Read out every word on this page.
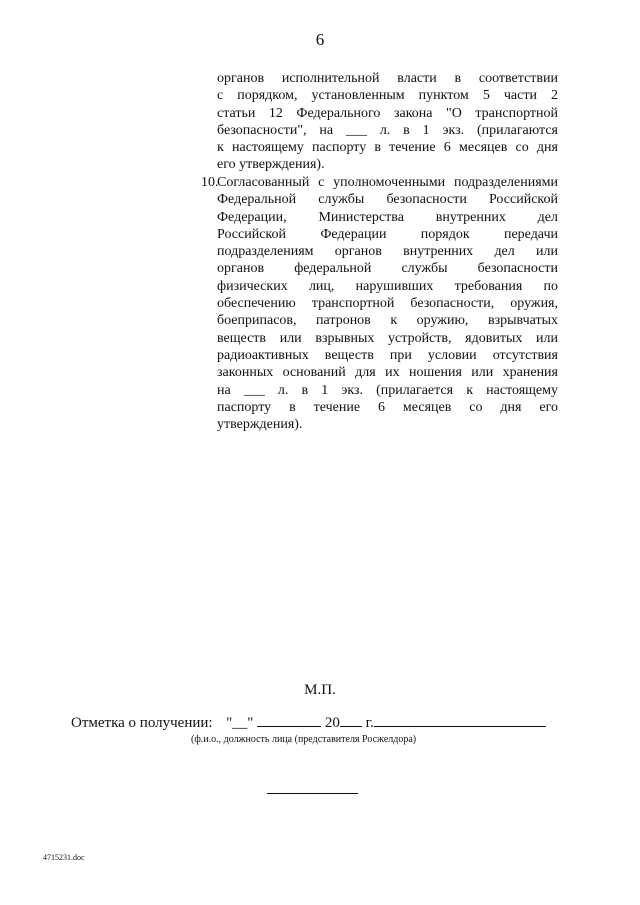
6
органов исполнительной власти в соответствии
с порядком, установленным пунктом 5 части 2
статьи 12 Федерального закона "О транспортной
безопасности", на ___ л. в 1 экз. (прилагаются
к настоящему паспорту в течение 6 месяцев со дня
его утверждения).
10.
Согласованный с уполномоченными подразделениями
Федеральной службы безопасности Российской
Федерации, Министерства внутренних дел
Российской Федерации порядок передачи
подразделениям органов внутренних дел или
органов федеральной службы безопасности
физических лиц, нарушивших требования по
обеспечению транспортной безопасности, оружия,
боеприпасов, патронов к оружию, взрывчатых
веществ или взрывных устройств, ядовитых или
радиоактивных веществ при условии отсутствия
законных оснований для их ношения или хранения
на ___ л. в 1 экз. (прилагается к настоящему
паспорту в течение 6 месяцев со дня его
утверждения).
М.П.
Отметка о получении: "__"	20 г.
(ф.и.о., должность лица (представителя Росжелдора)
4715231.doc
